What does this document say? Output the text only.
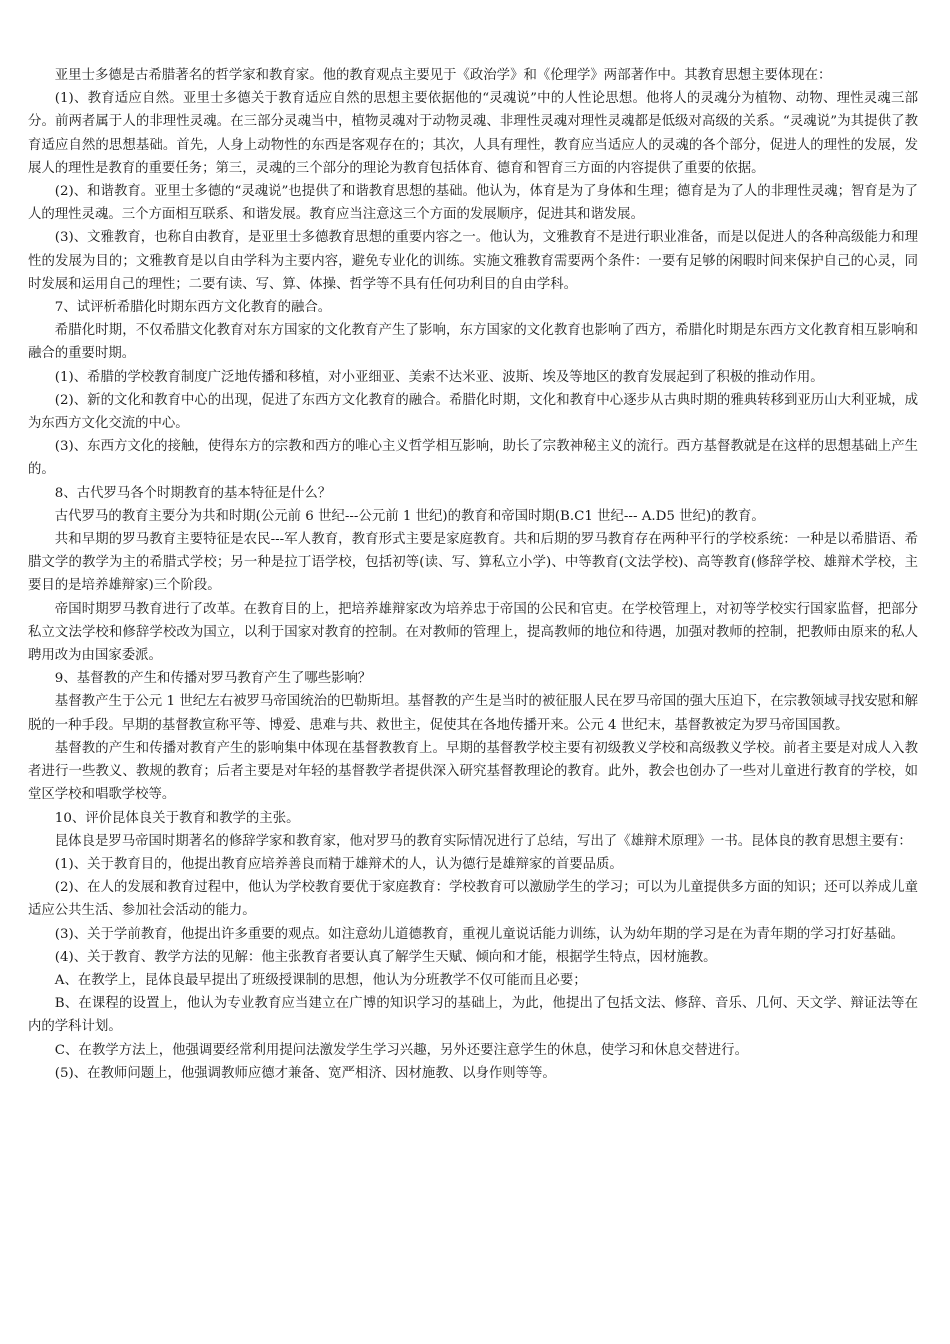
亚里士多德是古希腊著名的哲学家和教育家。他的教育观点主要见于《政治学》和《伦理学》两部著作中。其教育思想主要体现在：

(1)、教育适应自然。亚里士多德关于教育适应自然的思想主要依据他的“灵魂说”中的人性论思想。他将人的灵魂分为植物、动物、理性灵魂三部分。前两者属于人的非理性灵魂。在三部分灵魂当中，植物灵魂对于动物灵魂、非理性灵魂对理性灵魂都是低级对高级的关系。“灵魂说”为其提供了教育适应自然的思想基础。首先，人身上动物性的东西是客观存在的；其次，人具有理性，教育应当适应人的灵魂的各个部分，促进人的理性的发展，发展人的理性是教育的重要任务；第三，灵魂的三个部分的理论为教育包括体育、德育和智育三方面的内容提供了重要的依据。

(2)、和谐教育。亚里士多德的“灵魂说”也提供了和谐教育思想的基础。他认为，体育是为了身体和生理；德育是为了人的非理性灵魂；智育是为了人的理性灵魂。三个方面相互联系、和谐发展。教育应当注意这三个方面的发展顺序，促进其和谐发展。

(3)、文雅教育，也称自由教育，是亚里士多德教育思想的重要内容之一。他认为，文雅教育不是进行职业准备，而是以促进人的各种高级能力和理性的发展为目的；文雅教育是以自由学科为主要内容，避免专业化的训练。实施文雅教育需要两个条件：一要有足够的闲暇时间来保护自己的心灵，同时发展和运用自己的理性；二要有读、写、算、体操、哲学等不具有任何功利目的自由学科。

7、试评析希腊化时期东西方文化教育的融合。

希腊化时期，不仅希腊文化教育对东方国家的文化教育产生了影响，东方国家的文化教育也影响了西方，希腊化时期是东西方文化教育相互影响和融合的重要时期。

(1)、希腊的学校教育制度广泛地传播和移植，对小亚细亚、美索不达米亚、波斯、埃及等地区的教育发展起到了积极的推动作用。

(2)、新的文化和教育中心的出现，促进了东西方文化教育的融合。希腊化时期，文化和教育中心逐步从古典时期的雅典转移到亚历山大利亚城，成为东西方文化交流的中心。

(3)、东西方文化的接触，使得东方的宗教和西方的唯心主义哲学相互影响，助长了宗教神秘主义的流行。西方基督教就是在这样的思想基础上产生的。

8、古代罗马各个时期教育的基本特征是什么？

古代罗马的教育主要分为共和时期(公元前 6 世纪---公元前 1 世纪)的教育和帝国时期(B.C1 世纪--- A.D5 世纪)的教育。

共和早期的罗马教育主要特征是农民---军人教育，教育形式主要是家庭教育。共和后期的罗马教育存在两种平行的学校系统：一种是以希腊语、希腊文学的教学为主的希腊式学校；另一种是拉丁语学校，包括初等(读、写、算私立小学)、中等教育(文法学校)、高等教育(修辞学校、雄辩术学校，主要目的是培养雄辩家)三个阶段。

帝国时期罗马教育进行了改革。在教育目的上，把培养雄辩家改为培养忠于帝国的公民和官吏。在学校管理上，对初等学校实行国家监督，把部分私立文法学校和修辞学校改为国立，以利于国家对教育的控制。在对教师的管理上，提高教师的地位和待遇，加强对教师的控制，把教师由原来的私人聘用改为由国家委派。

9、基督教的产生和传播对罗马教育产生了哪些影响？

基督教产生于公元 1 世纪左右被罗马帝国统治的巴勒斯坦。基督教的产生是当时的被征服人民在罗马帝国的强大压迫下，在宗教领域寻找安慰和解脱的一种手段。早期的基督教宣称平等、博爱、患难与共、救世主，促使其在各地传播开来。公元 4 世纪末，基督教被定为罗马帝国国教。

基督教的产生和传播对教育产生的影响集中体现在基督教教育上。早期的基督教学校主要有初级教义学校和高级教义学校。前者主要是对成人入教者进行一些教义、教规的教育；后者主要是对年轻的基督教学者提供深入研究基督教理论的教育。此外，教会也创办了一些对儿童进行教育的学校，如堂区学校和唱歌学校等。

10、评价昆体良关于教育和教学的主张。

昆体良是罗马帝国时期著名的修辞学家和教育家，他对罗马的教育实际情况进行了总结，写出了《雄辩术原理》一书。昆体良的教育思想主要有：

(1)、关于教育目的，他提出教育应培养善良而精于雄辩术的人，认为德行是雄辩家的首要品质。

(2)、在人的发展和教育过程中，他认为学校教育要优于家庭教育：学校教育可以激励学生的学习；可以为儿童提供多方面的知识；还可以养成儿童适应公共生活、参加社会活动的能力。

(3)、关于学前教育，他提出许多重要的观点。如注意幼儿道德教育，重视儿童说话能力训练，认为幼年期的学习是在为青年期的学习打好基础。

(4)、关于教育、教学方法的见解：他主张教育者要认真了解学生天赋、倾向和才能，根据学生特点，因材施教。

A、在教学上，昆体良最早提出了班级授课制的思想，他认为分班教学不仅可能而且必要；

B、在课程的设置上，他认为专业教育应当建立在广博的知识学习的基础上，为此，他提出了包括文法、修辞、音乐、几何、天文学、辩证法等在内的学科计划。

C、在教学方法上，他强调要经常利用提问法激发学生学习兴趣，另外还要注意学生的休息，使学习和休息交替进行。

(5)、在教师问题上，他强调教师应德才兼备、宽严相济、因材施教、以身作则等等。
